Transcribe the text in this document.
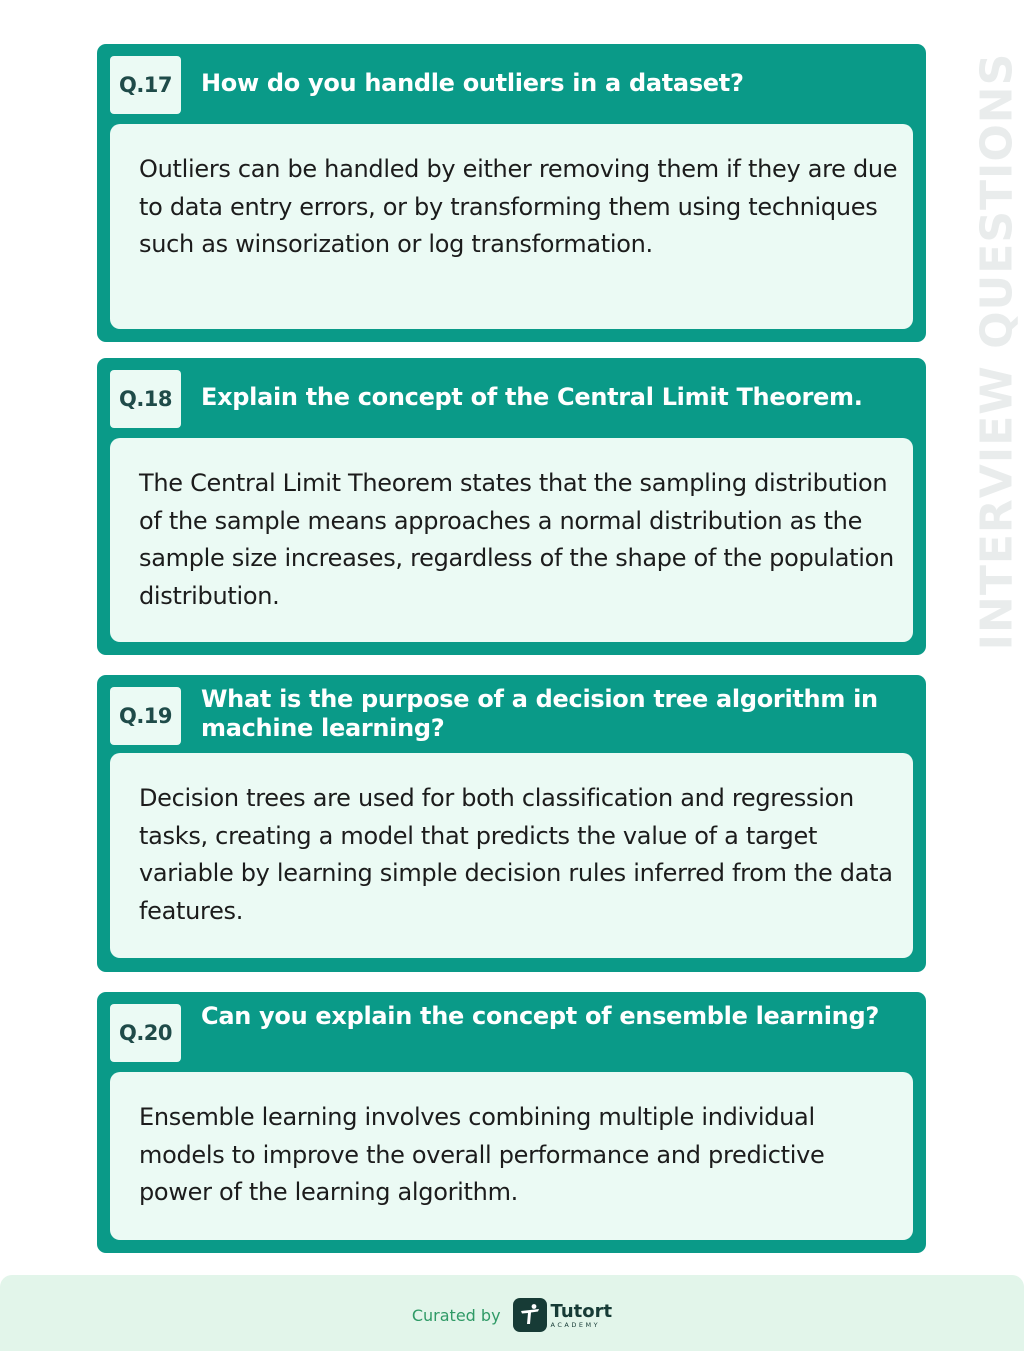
INTERVIEW QUESTIONS
Q.17	How do you handle outliers in a dataset?
Outliers can be handled by either removing them if they are due to data entry errors, or by transforming them using techniques such as winsorization or log transformation.
Q.18	Explain the concept of the Central Limit Theorem.
The Central Limit Theorem states that the sampling distribution of the sample means approaches a normal distribution as the sample size increases, regardless of the shape of the population distribution.
Q.19
What is the purpose of a decision tree algorithm in machine learning?
Decision trees are used for both classification and regression tasks, creating a model that predicts the value of a target variable by learning simple decision rules inferred from the data features.
Q.20
Can you explain the concept of ensemble learning?
Ensemble learning involves combining multiple individual models to improve the overall performance and predictive power of the learning algorithm.
Curated by	Tutort
ACADEMY
